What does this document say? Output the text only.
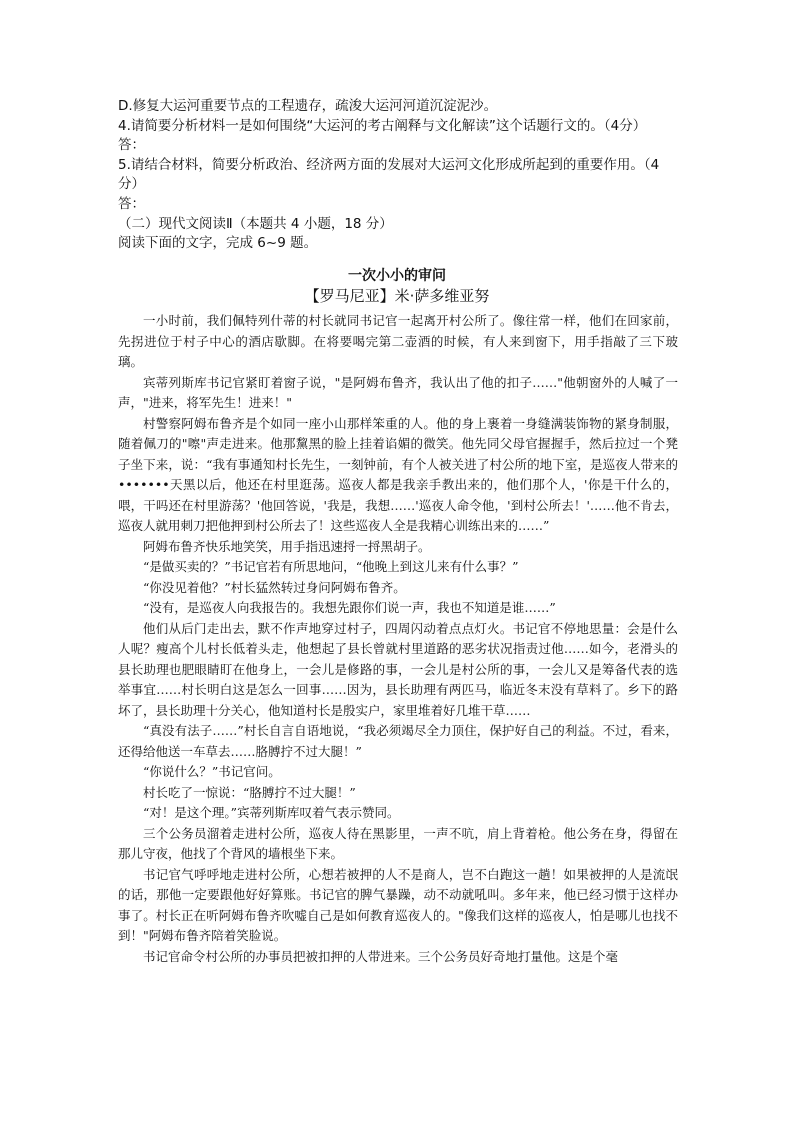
D.修复大运河重要节点的工程遗存，疏浚大运河河道沉淀泥沙。
4.请简要分析材料一是如何围绕“大运河的考古阐释与文化解读”这个话题行文的。（4分）
答：
5.请结合材料，简要分析政治、经济两方面的发展对大运河文化形成所起到的重要作用。（4
分）
答：
（二）现代文阅读Ⅱ（本题共 4 小题，18 分）
阅读下面的文字，完成 6~9 题。
一次小小的审问
【罗马尼亚】米·萨多维亚努

一小时前，我们佩特列什蒂的村长就同书记官一起离开村公所了。像往常一样，他们在回家前，先拐进位于村子中心的酒店歇脚。在将要喝完第二壶酒的时候，有人来到窗下，用手指敲了三下玻璃。

宾蒂列斯库书记官紧盯着窗子说，"是阿姆布鲁齐，我认出了他的扣子……"他朝窗外的人喊了一声，"进来，将军先生！进来！"

村警察阿姆布鲁齐是个如同一座小山那样笨重的人。他的身上裹着一身缝满装饰物的紧身制服，随着佩刀的"嚓"声走进来。他那黧黑的脸上挂着谄媚的微笑。他先同父母官握握手，然后拉过一个凳子坐下来，说：“我有事通知村长先生，一刻钟前，有个人被关进了村公所的地下室，是巡夜人带来的•••••••天黑以后，他还在村里逛荡。巡夜人都是我亲手教出来的，他们那个人，'你是干什么的，喂，干吗还在村里游荡？'他回答说，'我是，我想……'巡夜人命令他，'到村公所去！'……他不肯去，巡夜人就用刺刀把他押到村公所去了！这些巡夜人全是我精心训练出来的……”

阿姆布鲁齐快乐地笑笑，用手指迅速捋一捋黑胡子。

“是做买卖的？”书记官若有所思地问，“他晚上到这儿来有什么事？”

“你没见着他？”村长猛然转过身问阿姆布鲁齐。

“没有，是巡夜人向我报告的。我想先跟你们说一声，我也不知道是谁……”

他们从后门走出去，默不作声地穿过村子，四周闪动着点点灯火。书记官不停地思量：会是什么人呢？瘦高个儿村长低着头走，他想起了县长曾就村里道路的恶劣状况指责过他……如今，老滑头的县长助理也肥眼睛盯在他身上，一会儿是修路的事，一会儿是村公所的事，一会儿又是筹备代表的选举事宜……村长明白这是怎么一回事……因为，县长助理有两匹马，临近冬末没有草料了。乡下的路坏了，县长助理十分关心，他知道村长是殷实户，家里堆着好几堆干草……

“真没有法子……”村长自言自语地说，“我必须竭尽全力顶住，保护好自己的利益。不过，看来，还得给他送一车草去……胳膊拧不过大腿！”

“你说什么？”书记官问。

村长吃了一惊说：“胳膊拧不过大腿！”

“对！是这个理。”宾蒂列斯库叹着气表示赞同。

三个公务员溜着走进村公所，巡夜人待在黑影里，一声不吭，肩上背着枪。他公务在身，得留在那儿守夜，他找了个背风的墙根坐下来。

书记官气呼呼地走进村公所，心想若被押的人不是商人，岂不白跑这一趟！如果被押的人是流氓的话，那他一定要跟他好好算账。书记官的脾气暴躁，动不动就吼叫。多年来，他已经习惯于这样办事了。村长正在听阿姆布鲁齐吹嘘自己是如何教育巡夜人的。"像我们这样的巡夜人，怕是哪儿也找不到！"阿姆布鲁齐陪着笑脸说。

书记官命令村公所的办事员把被扣押的人带进来。三个公务员好奇地打量他。这是个毫
